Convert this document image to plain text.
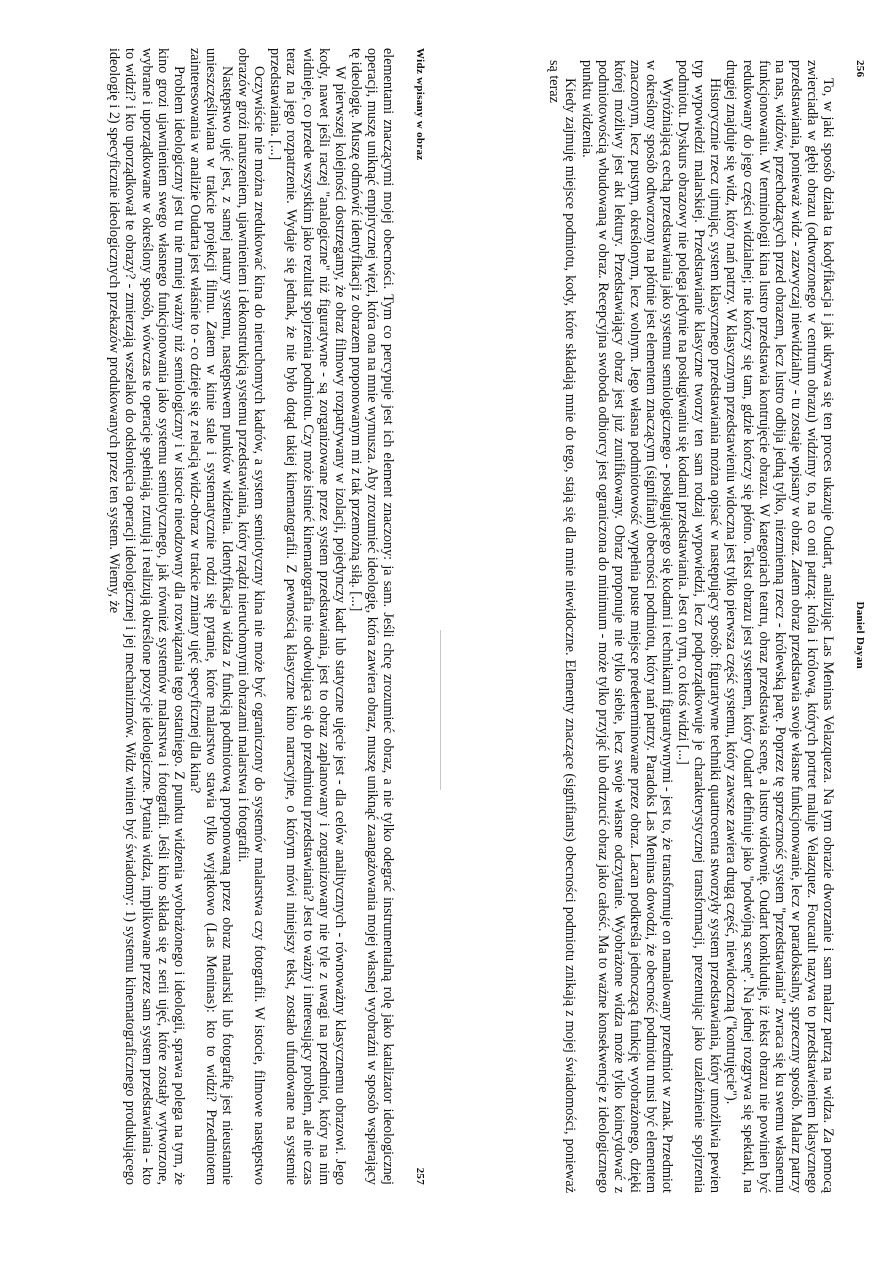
256
Daniel Dayan

To, w jaki sposób działa ta kodyfikacja i jak ukrywa się ten proces ukazuje Oudart, analizując Las Meninas Velazqueza. Na tym obrazie dworzanie i sam malarz patrzą na widza. Za pomocą zwierciadła w głębi obrazu (odtworzonego w centrum obrazu) widzimy to, na co oni patrzą: króla i królową, których portret maluje Velazquez. Foucault nazywa to przedstawieniem klasycznego przedstawiania, ponieważ widz - zazwyczaj niewidzialny - tu zostaje wpisany w obraz. Zatem obraz przedstawia swoje własne funkcjonowanie, lecz w paradoksalny, sprzeczny sposób. Malarz patrzy na nas, widzów, przechodzących przed obrazem, lecz lustro odbija jedną tylko, niezmienną rzecz - królewską parę. Poprzez tę sprzeczność system "przedstawiania" zwraca się ku swemu własnemu funkcjonowaniu. W terminologii kina lustro przedstawia kontrujęcie obrazu. W kategoriach teatru, obraz przedstawia scenę, a lustro widownię. Oudart konkluduje, iż tekst obrazu nie powinien być redukowany do jego części widzialnej; nie kończy się tam, gdzie kończy się płótno. Tekst obrazu jest systemem, który Oudart definiuje jako "podwójną scenę". Na jednej rozgrywa się spektakl, na drugiej znajduje się widz, który nań patrzy. W klasycznym przedstawieniu widoczna jest tylko pierwsza część systemu, który zawsze zawiera drugą część, niewidoczną ("kontrujęcie").

Historycznie rzecz ujmując, system klasycznego przedstawiania można opisać w następujący sposób: figuratywne techniki quattrocenta stworzyły system przedstawiania, który umożliwia pewien typ wypowiedzi malarskiej. Przedstawianie klasyczne tworzy ten sam rodzaj wypowiedzi, lecz podporządkowuje je charakterystycznej transformacji, prezentując jako uzależnienie spojrzenia podmiotu. Dyskurs obrazowy nie polega jedynie na posługiwaniu się kodami przedstawiania. Jest on tym, co ktoś widzi [...]

Wyróżniającą cechą przedstawiania jako systemu semiologicznego - posługującego się kodami i technikami figuratywnymi - jest to, że transformuje on namalowany przedmiot w znak. Przedmiot w określony sposób odtworzony na płótnie jest elementem znaczącym (signifiant) obecności podmiotu, który nań patrzy. Paradoks Las Meninas dowodzi, że obecność podmiotu musi być elementem znaczonym, lecz pustym, określonym, lecz wolnym. Jego własna podmiotowość wypełnia puste miejsce predeterminowane przez obraz. Lacan podkreśla jednoczącą funkcję wyobrażonego, dzięki której możliwy jest akt lektury. Przedstawiający obraz jest już zunifikowany. Obraz proponuje nie tylko siebie, lecz swoje własne odczytanie. Wyobrażone widza może tylko koincydować z podmiotowością wbudowaną w obraz. Recepcyjna swoboda odbiorcy jest ograniczona do minimum - może tylko przyjąć lub odrzucić obraz jako całość. Ma to ważne konsekwencje z ideologicznego punktu widzenia.

Kiedy zajmuję miejsce podmiotu, kody, które składają mnie do tego, stają się dla mnie niewidoczne. Elementy znaczące (signifiants) obecności podmiotu znikają z mojej świadomości, ponieważ są teraz

Widz wpisany w obraz
257

elementami znaczącymi mojej obecności. Tym co percypuje jest ich element znaczony: ja sam. Jeśli chcę zrozumieć obraz, a nie tylko odegrać instrumentalną rolę jako katalizator ideologicznej operacji, muszę uniknąć empirycznej więzi, która ona na mnie wymusza. Aby zrozumieć ideologię, która zawiera obraz, muszę uniknąć zaangażowania mojej własnej wyobraźni w sposób wspierający tę ideologię. Muszę odmówić identyfikacji z obrazem proponowanym mi z tak przemożną siłą. [...]

W pierwszej kolejności dostrzegamy, że obraz filmowy rozpatrywany w izolacji, pojedynczy kadr lub statyczne ujęcie jest - dla celów analitycznych - równoważny klasycznemu obrazowi. Jego kody, nawet jeśli raczej "analogiczne" niż figuratywne - są zorganizowane przez system przedstawiania, jest to obraz zaplanowany i zorganizowany nie tyle z uwagi na przedmiot, który na nim widnieje, co przede wszystkim jako rezultat spojrzenia podmiotu. Czy może istnieć kinematografia nie odwołująca się do przedmiotu przedstawiania? Jest to ważny i interesujący problem, ale nie czas teraz na jego rozpatrzenie. Wydaje się jednak, że nie było dotąd takiej kinematografii. Z pewnością klasyczne kino narracyjne, o którym mówi niniejszy tekst, zostało ufundowane na systemie przedstawiania. [...]

Oczywiście nie można zredukować kina do nieruchomych kadrów, a system semiotyczny kina nie może być ograniczony do systemów malarstwa czy fotografii. W istocie, filmowe następstwo obrazów groźi naruszeniem, ujawnieniem i dekonstrukcją systemu przedstawiania, który rządzi nieruchomymi obrazami malarstwa i fotografii.

Następstwo ujęć jest, z samej natury systemu, następstwem punktów widzenia. Identyfikacja widza z funkcją podmiotową proponowaną przez obraz malarski lub fotografię jest nieustannie unieszczęśliwiana w trakcie projekcji filmu. Zatem w kinie stale i systematycznie rodzi się pytanie, które malarstwo stawia tylko wyjątkowo (Las Meninas): kto to widzi? Przedmiotem zainteresowania w analizie Oudarta jest właśnie to - co dzieje się z relacją widz-obraz w trakcie zmiany ujęć specyficznej dla kina?

Problem ideologiczny jest tu nie mniej ważny niż semiologiczny i w istocie nieodzowny dla rozwiązania tego ostatniego. Z punktu widzenia wyobrażonego i ideologii, sprawa polega na tym, że kino grozi ujawnieniem swego własnego funkcjonowania jako systemu semiotycznego, jak również systemów malarstwa i fotografii. Jeśli kino składa się z serii ujęć, które zostały wytworzone, wybrane i uporządkowane w określony sposób, wówczas te operacje spełniają, rzutują i realizują określone pozycje ideologiczne. Pytania widza, implikowane przez sam system przedstawiania - kto to widzi? i kto uporządkował te obrazy? - zmierzają wszelako do odsłonięcia operacji ideologicznej i jej mechanizmów. Widz winien być świadomy: 1) systemu kinematograficznego produkującego ideologię i 2) specyficznie ideologicznych przekazów produkowanych przez ten system. Wiemy, że
